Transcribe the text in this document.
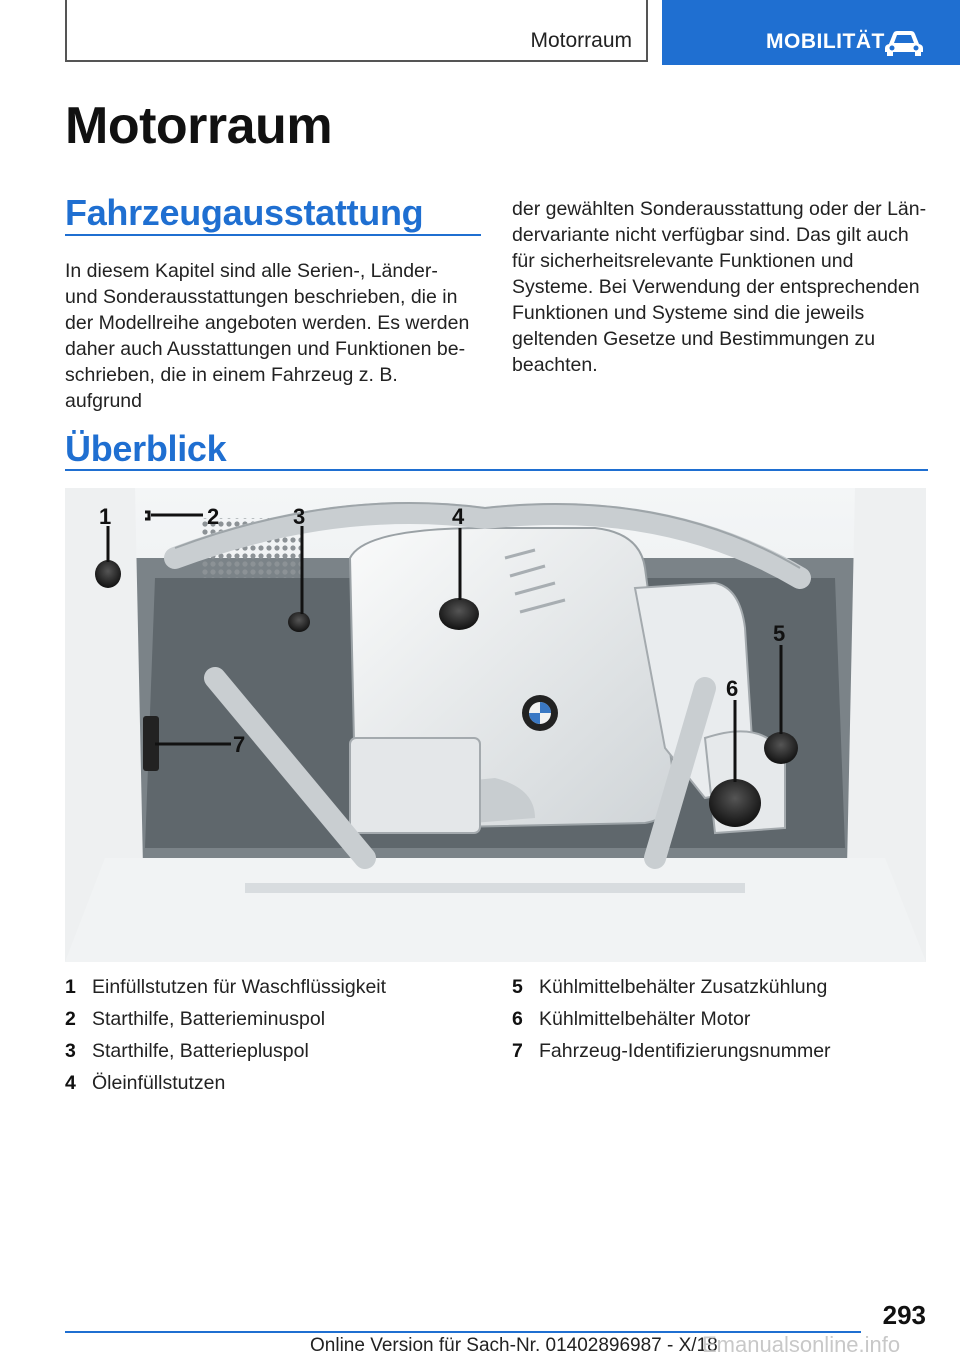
Motorraum	MOBILITÄT
Motorraum
Fahrzeugausstattung
In diesem Kapitel sind alle Serien-, Länder- und Sonderausstattungen beschrieben, die in der Modellreihe angeboten werden. Es werden daher auch Ausstattungen und Funktionen beschrieben, die in einem Fahrzeug z. B. aufgrund
der gewählten Sonderausstattung oder der Ländervariante nicht verfügbar sind. Das gilt auch für sicherheitsrelevante Funktionen und Systeme. Bei Verwendung der entsprechenden Funktionen und Systeme sind die jeweils geltenden Gesetze und Bestimmungen zu beachten.
Überblick
1	2	3	4
5
6
7
1 Einfüllstutzen für Waschflüssigkeit
2 Starthilfe, Batterieminuspol
3 Starthilfe, Batteriepluspol
4 Öleinfüllstutzen
5 Kühlmittelbehälter Zusatzkühlung
6 Kühlmittelbehälter Motor
7 Fahrzeug-Identifizierungsnummer
293
Online Version für Sach-Nr. 01402896987 - X/18
Emanualsonline.info
